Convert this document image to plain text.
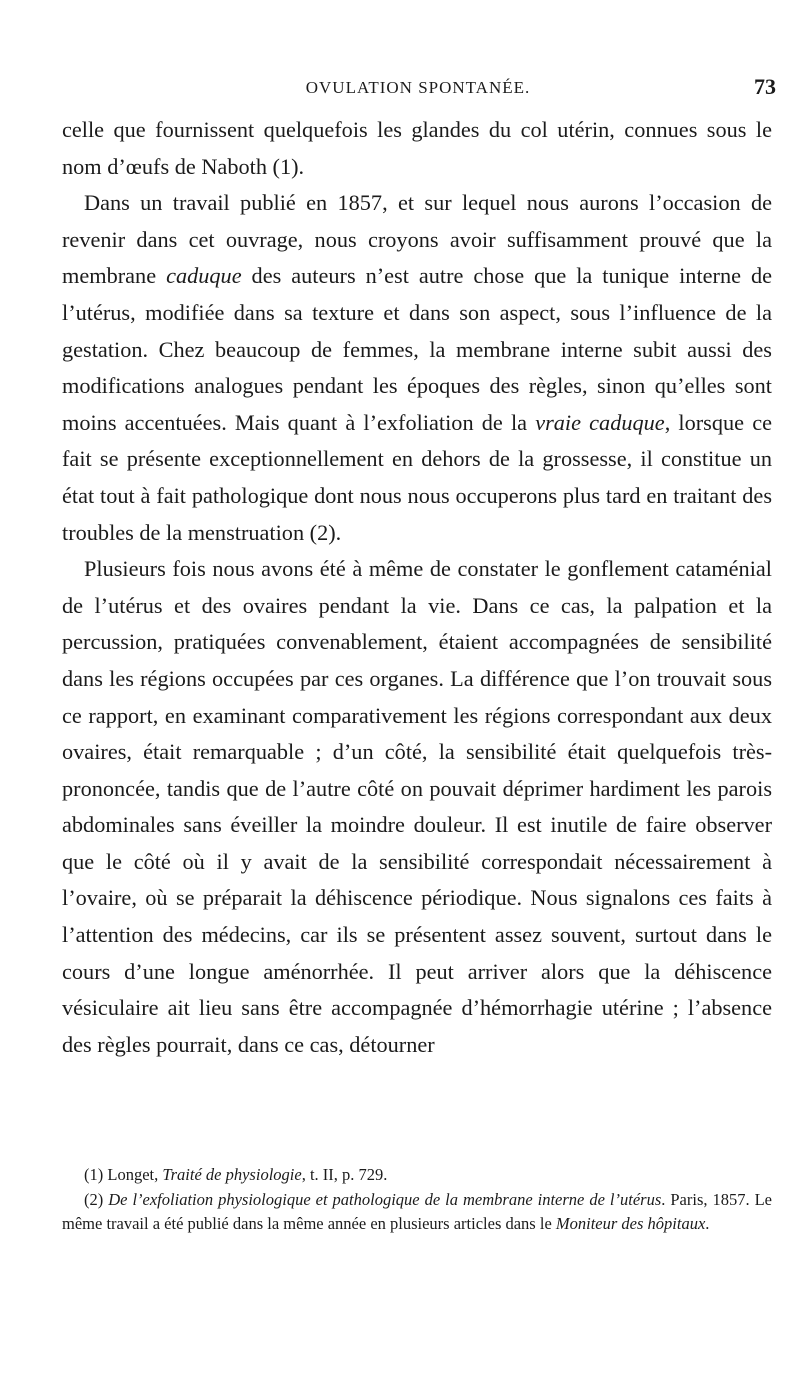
OVULATION SPONTANÉE.	73

celle que fournissent quelquefois les glandes du col utérin, connues sous le nom d’œufs de Naboth (1).

Dans un travail publié en 1857, et sur lequel nous aurons l’occasion de revenir dans cet ouvrage, nous croyons avoir suffisamment prouvé que la membrane caduque des auteurs n’est autre chose que la tunique interne de l’utérus, modifiée dans sa texture et dans son aspect, sous l’influence de la gestation. Chez beaucoup de femmes, la membrane interne subit aussi des modifications analogues pendant les époques des règles, sinon qu’elles sont moins accentuées. Mais quant à l’exfoliation de la vraie caduque, lorsque ce fait se présente exceptionnellement en dehors de la grossesse, il constitue un état tout à fait pathologique dont nous nous occuperons plus tard en traitant des troubles de la menstruation (2).

Plusieurs fois nous avons été à même de constater le gonflement cataménial de l’utérus et des ovaires pendant la vie. Dans ce cas, la palpation et la percussion, pratiquées convenablement, étaient accompagnées de sensibilité dans les régions occupées par ces organes. La différence que l’on trouvait sous ce rapport, en examinant comparativement les régions correspondant aux deux ovaires, était remarquable ; d’un côté, la sensibilité était quelquefois très-prononcée, tandis que de l’autre côté on pouvait déprimer hardiment les parois abdominales sans éveiller la moindre douleur. Il est inutile de faire observer que le côté où il y avait de la sensibilité correspondait nécessairement à l’ovaire, où se préparait la déhiscence périodique. Nous signalons ces faits à l’attention des médecins, car ils se présentent assez souvent, surtout dans le cours d’une longue aménorrhée. Il peut arriver alors que la déhiscence vésiculaire ait lieu sans être accompagnée d’hémorrhagie utérine ; l’absence des règles pourrait, dans ce cas, détourner

(1) Longet, Traité de physiologie, t. II, p. 729.

(2) De l’exfoliation physiologique et pathologique de la membrane interne de l’utérus. Paris, 1857. Le même travail a été publié dans la même année en plusieurs articles dans le Moniteur des hôpitaux.
